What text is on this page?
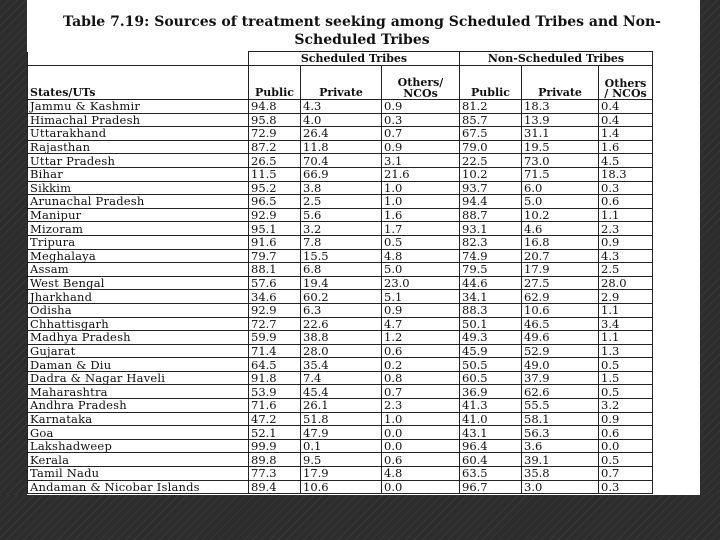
Table 7.19: Sources of treatment seeking among Scheduled Tribes and Non-
Scheduled Tribes
	Scheduled Tribes			Non-Scheduled Tribes		
States/UTs	Public	Private	Others/ NCOs	Public	Private	Others / NCOs
Jammu & Kashmir	94.8	4.3	0.9	81.2	18.3	0.4
Himachal Pradesh	95.8	4.0	0.3	85.7	13.9	0.4
Uttarakhand	72.9	26.4	0.7	67.5	31.1	1.4
Rajasthan	87.2	11.8	0.9	79.0	19.5	1.6
Uttar Pradesh	26.5	70.4	3.1	22.5	73.0	4.5
Bihar	11.5	66.9	21.6	10.2	71.5	18.3
Sikkim	95.2	3.8	1.0	93.7	6.0	0.3
Arunachal Pradesh	96.5	2.5	1.0	94.4	5.0	0.6
Manipur	92.9	5.6	1.6	88.7	10.2	1.1
Mizoram	95.1	3.2	1.7	93.1	4.6	2.3
Tripura	91.6	7.8	0.5	82.3	16.8	0.9
Meghalaya	79.7	15.5	4.8	74.9	20.7	4.3
Assam	88.1	6.8	5.0	79.5	17.9	2.5
West Bengal	57.6	19.4	23.0	44.6	27.5	28.0
Jharkhand	34.6	60.2	5.1	34.1	62.9	2.9
Odisha	92.9	6.3	0.9	88.3	10.6	1.1
Chhattisgarh	72.7	22.6	4.7	50.1	46.5	3.4
Madhya Pradesh	59.9	38.8	1.2	49.3	49.6	1.1
Gujarat	71.4	28.0	0.6	45.9	52.9	1.3
Daman & Diu	64.5	35.4	0.2	50.5	49.0	0.5
Dadra & Nagar Haveli	91.8	7.4	0.8	60.5	37.9	1.5
Maharashtra	53.9	45.4	0.7	36.9	62.6	0.5
Andhra Pradesh	71.6	26.1	2.3	41.3	55.5	3.2
Karnataka	47.2	51.8	1.0	41.0	58.1	0.9
Goa	52.1	47.9	0.0	43.1	56.3	0.6
Lakshadweep	99.9	0.1	0.0	96.4	3.6	0.0
Kerala	89.8	9.5	0.6	60.4	39.1	0.5
Tamil Nadu	77.3	17.9	4.8	63.5	35.8	0.7
Andaman & Nicobar Islands	89.4	10.6	0.0	96.7	3.0	0.3
